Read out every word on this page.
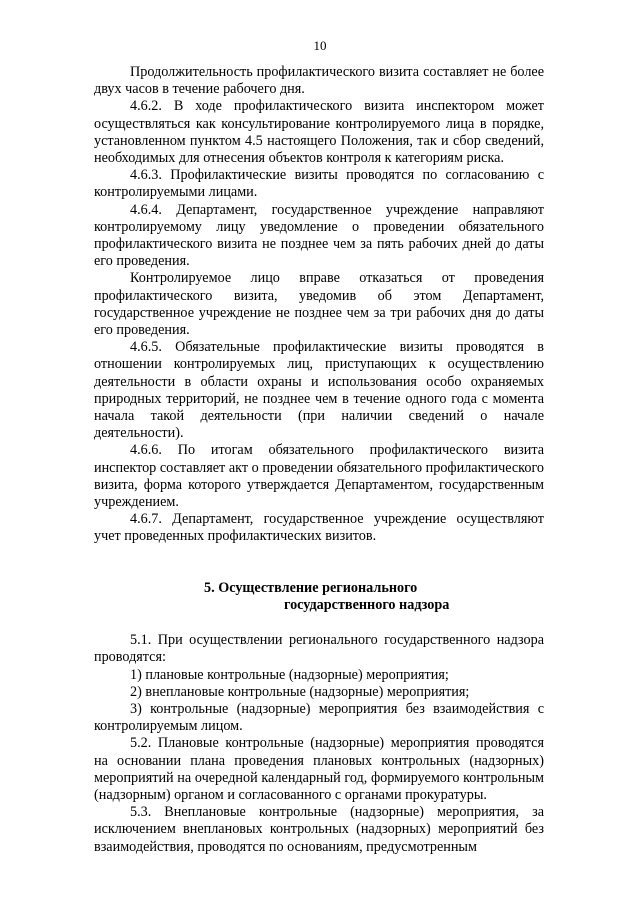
10

Продолжительность профилактического визита составляет не более двух часов в течение рабочего дня.

4.6.2. В ходе профилактического визита инспектором может осуществляться как консультирование контролируемого лица в порядке, установленном пунктом 4.5 настоящего Положения, так и сбор сведений, необходимых для отнесения объектов контроля к категориям риска.

4.6.3. Профилактические визиты проводятся по согласованию с контролируемыми лицами.

4.6.4. Департамент, государственное учреждение направляют контролируемому лицу уведомление о проведении обязательного профилактического визита не позднее чем за пять рабочих дней до даты его проведения.

Контролируемое лицо вправе отказаться от проведения профилактического визита, уведомив об этом Департамент, государственное учреждение не позднее чем за три рабочих дня до даты его проведения.

4.6.5. Обязательные профилактические визиты проводятся в отношении контролируемых лиц, приступающих к осуществлению деятельности в области охраны и использования особо охраняемых природных территорий, не позднее чем в течение одного года с момента начала такой деятельности (при наличии сведений о начале деятельности).

4.6.6. По итогам обязательного профилактического визита инспектор составляет акт о проведении обязательного профилактического визита, форма которого утверждается Департаментом, государственным учреждением.

4.6.7. Департамент, государственное учреждение осуществляют учет проведенных профилактических визитов.

5. Осуществление регионального
государственного надзора

5.1. При осуществлении регионального государственного надзора проводятся:

1) плановые контрольные (надзорные) мероприятия;

2) внеплановые контрольные (надзорные) мероприятия;

3) контрольные (надзорные) мероприятия без взаимодействия с контролируемым лицом.

5.2. Плановые контрольные (надзорные) мероприятия проводятся на основании плана проведения плановых контрольных (надзорных) мероприятий на очередной календарный год, формируемого контрольным (надзорным) органом и согласованного с органами прокуратуры.

5.3. Внеплановые контрольные (надзорные) мероприятия, за исключением внеплановых контрольных (надзорных) мероприятий без взаимодействия, проводятся по основаниям, предусмотренным
